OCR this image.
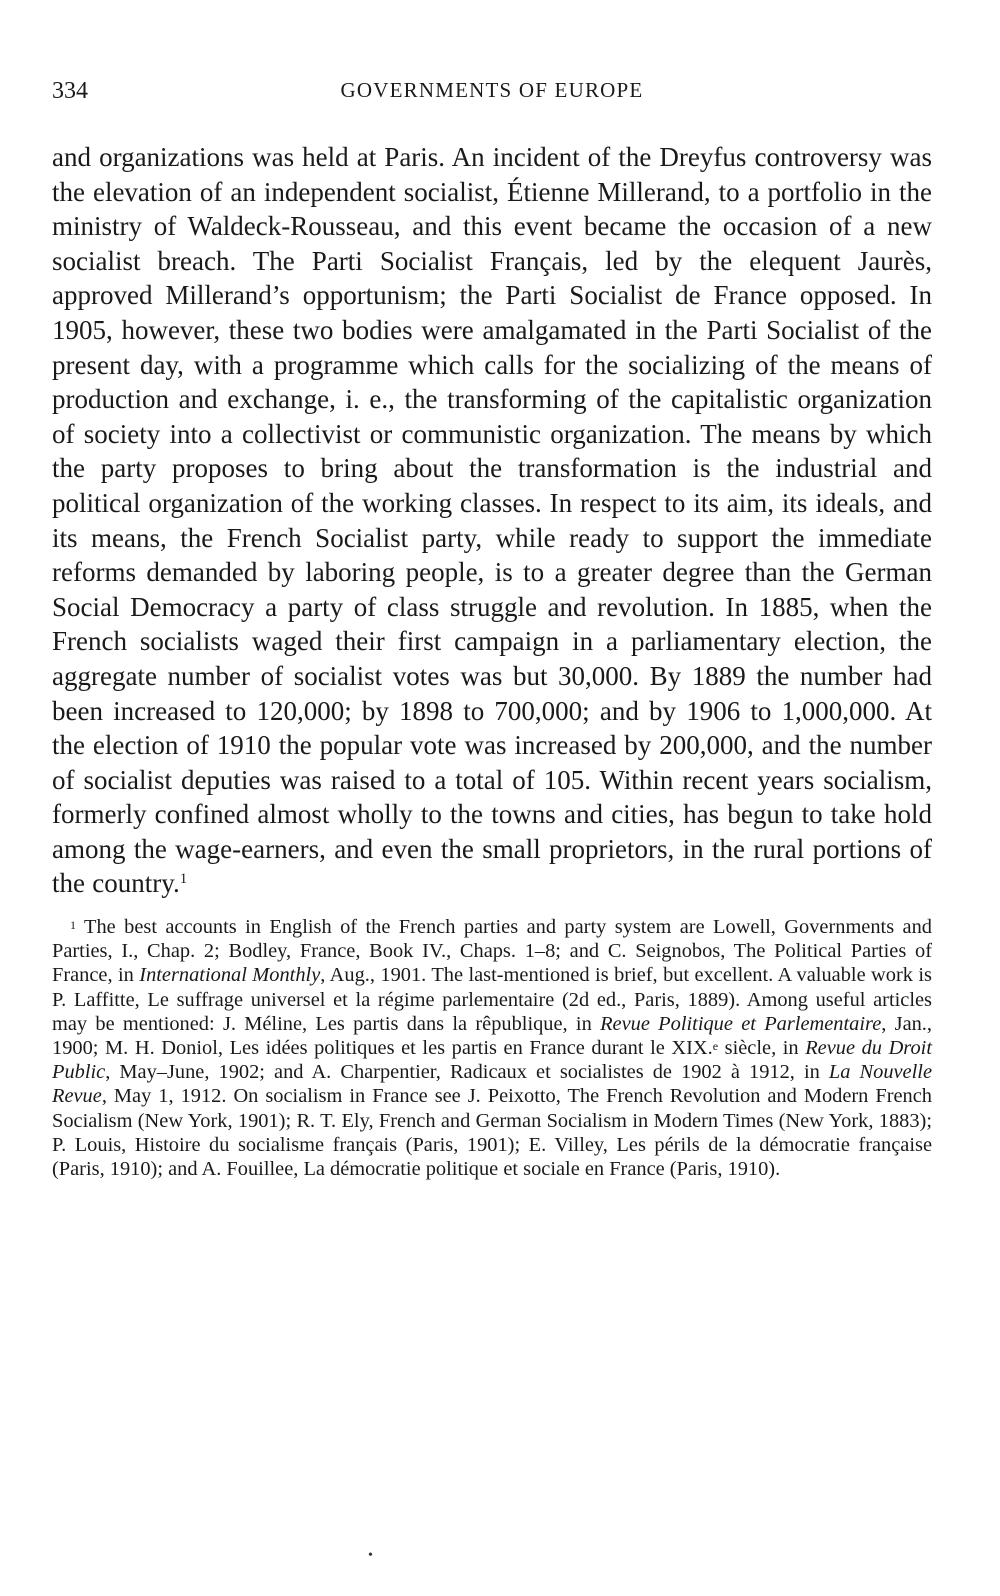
334	GOVERNMENTS OF EUROPE

and organizations was held at Paris. An incident of the Dreyfus controversy was the elevation of an independent socialist, Étienne Millerand, to a portfolio in the ministry of Waldeck-Rousseau, and this event became the occasion of a new socialist breach. The Parti Socialist Français, led by the elequent Jaurès, approved Millerand’s opportunism; the Parti Socialist de France opposed. In 1905, however, these two bodies were amalgamated in the Parti Socialist of the present day, with a programme which calls for the socializing of the means of production and exchange, i. e., the transforming of the capitalistic organization of society into a collectivist or communistic organization. The means by which the party proposes to bring about the transformation is the industrial and political organization of the working classes. In respect to its aim, its ideals, and its means, the French Socialist party, while ready to support the immediate reforms demanded by laboring people, is to a greater degree than the German Social Democracy a party of class struggle and revolution. In 1885, when the French socialists waged their first campaign in a parliamentary election, the aggregate number of socialist votes was but 30,000. By 1889 the number had been increased to 120,000; by 1898 to 700,000; and by 1906 to 1,000,000. At the election of 1910 the popular vote was increased by 200,000, and the number of socialist deputies was raised to a total of 105. Within recent years socialism, formerly confined almost wholly to the towns and cities, has begun to take hold among the wage-earners, and even the small proprietors, in the rural portions of the country.$^1$

$^1$ The best accounts in English of the French parties and party system are Lowell, Governments and Parties, I., Chap. 2; Bodley, France, Book IV., Chaps. 1–8; and C. Seignobos, The Political Parties of France, in International Monthly, Aug., 1901. The last-mentioned is brief, but excellent. A valuable work is P. Laffitte, Le suffrage universel et la régime parlementaire (2d ed., Paris, 1889). Among useful articles may be mentioned: J. Méline, Les partis dans la rêpublique, in Revue Politique et Parlementaire, Jan., 1900; M. H. Doniol, Les idées politiques et les partis en France durant le XIX.$^e$ siècle, in Revue du Droit Public, May–June, 1902; and A. Charpentier, Radicaux et socialistes de 1902 à 1912, in La Nouvelle Revue, May 1, 1912. On socialism in France see J. Peixotto, The French Revolution and Modern French Socialism (New York, 1901); R. T. Ely, French and German Socialism in Modern Times (New York, 1883); P. Louis, Histoire du socialisme français (Paris, 1901); E. Villey, Les périls de la démocratie française (Paris, 1910); and A. Fouillee, La démocratie politique et sociale en France (Paris, 1910).
•
